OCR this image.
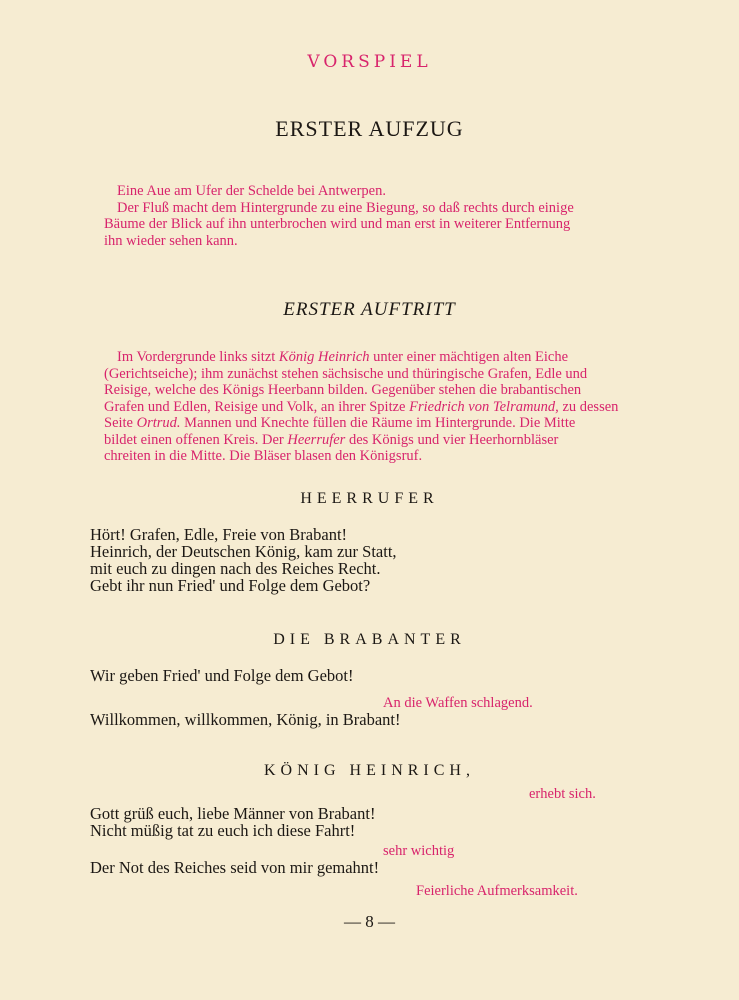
VORSPIEL
ERSTER AUFZUG
Eine Aue am Ufer der Schelde bei Antwerpen.
Der Fluß macht dem Hintergrunde zu eine Biegung, so daß rechts durch einige
Bäume der Blick auf ihn unterbrochen wird und man erst in weiterer Entfernung
ihn wieder sehen kann.
ERSTER AUFTRITT
Im Vordergrunde links sitzt König Heinrich unter einer mächtigen alten Eiche
(Gerichtseiche); ihm zunächst stehen sächsische und thüringische Grafen, Edle und
Reisige, welche des Königs Heerbann bilden. Gegenüber stehen die brabantischen
Grafen und Edlen, Reisige und Volk, an ihrer Spitze Friedrich von Telramund, zu dessen
Seite Ortrud. Mannen und Knechte füllen die Räume im Hintergrunde. Die Mitte
bildet einen offenen Kreis. Der Heerrufer des Königs und vier Heerhornbläser
chreiten in die Mitte. Die Bläser blasen den Königsruf.
HEERRUFER
Hört! Grafen, Edle, Freie von Brabant!
Heinrich, der Deutschen König, kam zur Statt,
mit euch zu dingen nach des Reiches Recht.
Gebt ihr nun Fried' und Folge dem Gebot?
DIE BRABANTER
Wir geben Fried' und Folge dem Gebot!
An die Waffen schlagend.
Willkommen, willkommen, König, in Brabant!
KÖNIG HEINRICH,
erhebt sich.
Gott grüß euch, liebe Männer von Brabant!
Nicht müßig tat zu euch ich diese Fahrt!
sehr wichtig
Der Not des Reiches seid von mir gemahnt!
Feierliche Aufmerksamkeit.
— 8 —
